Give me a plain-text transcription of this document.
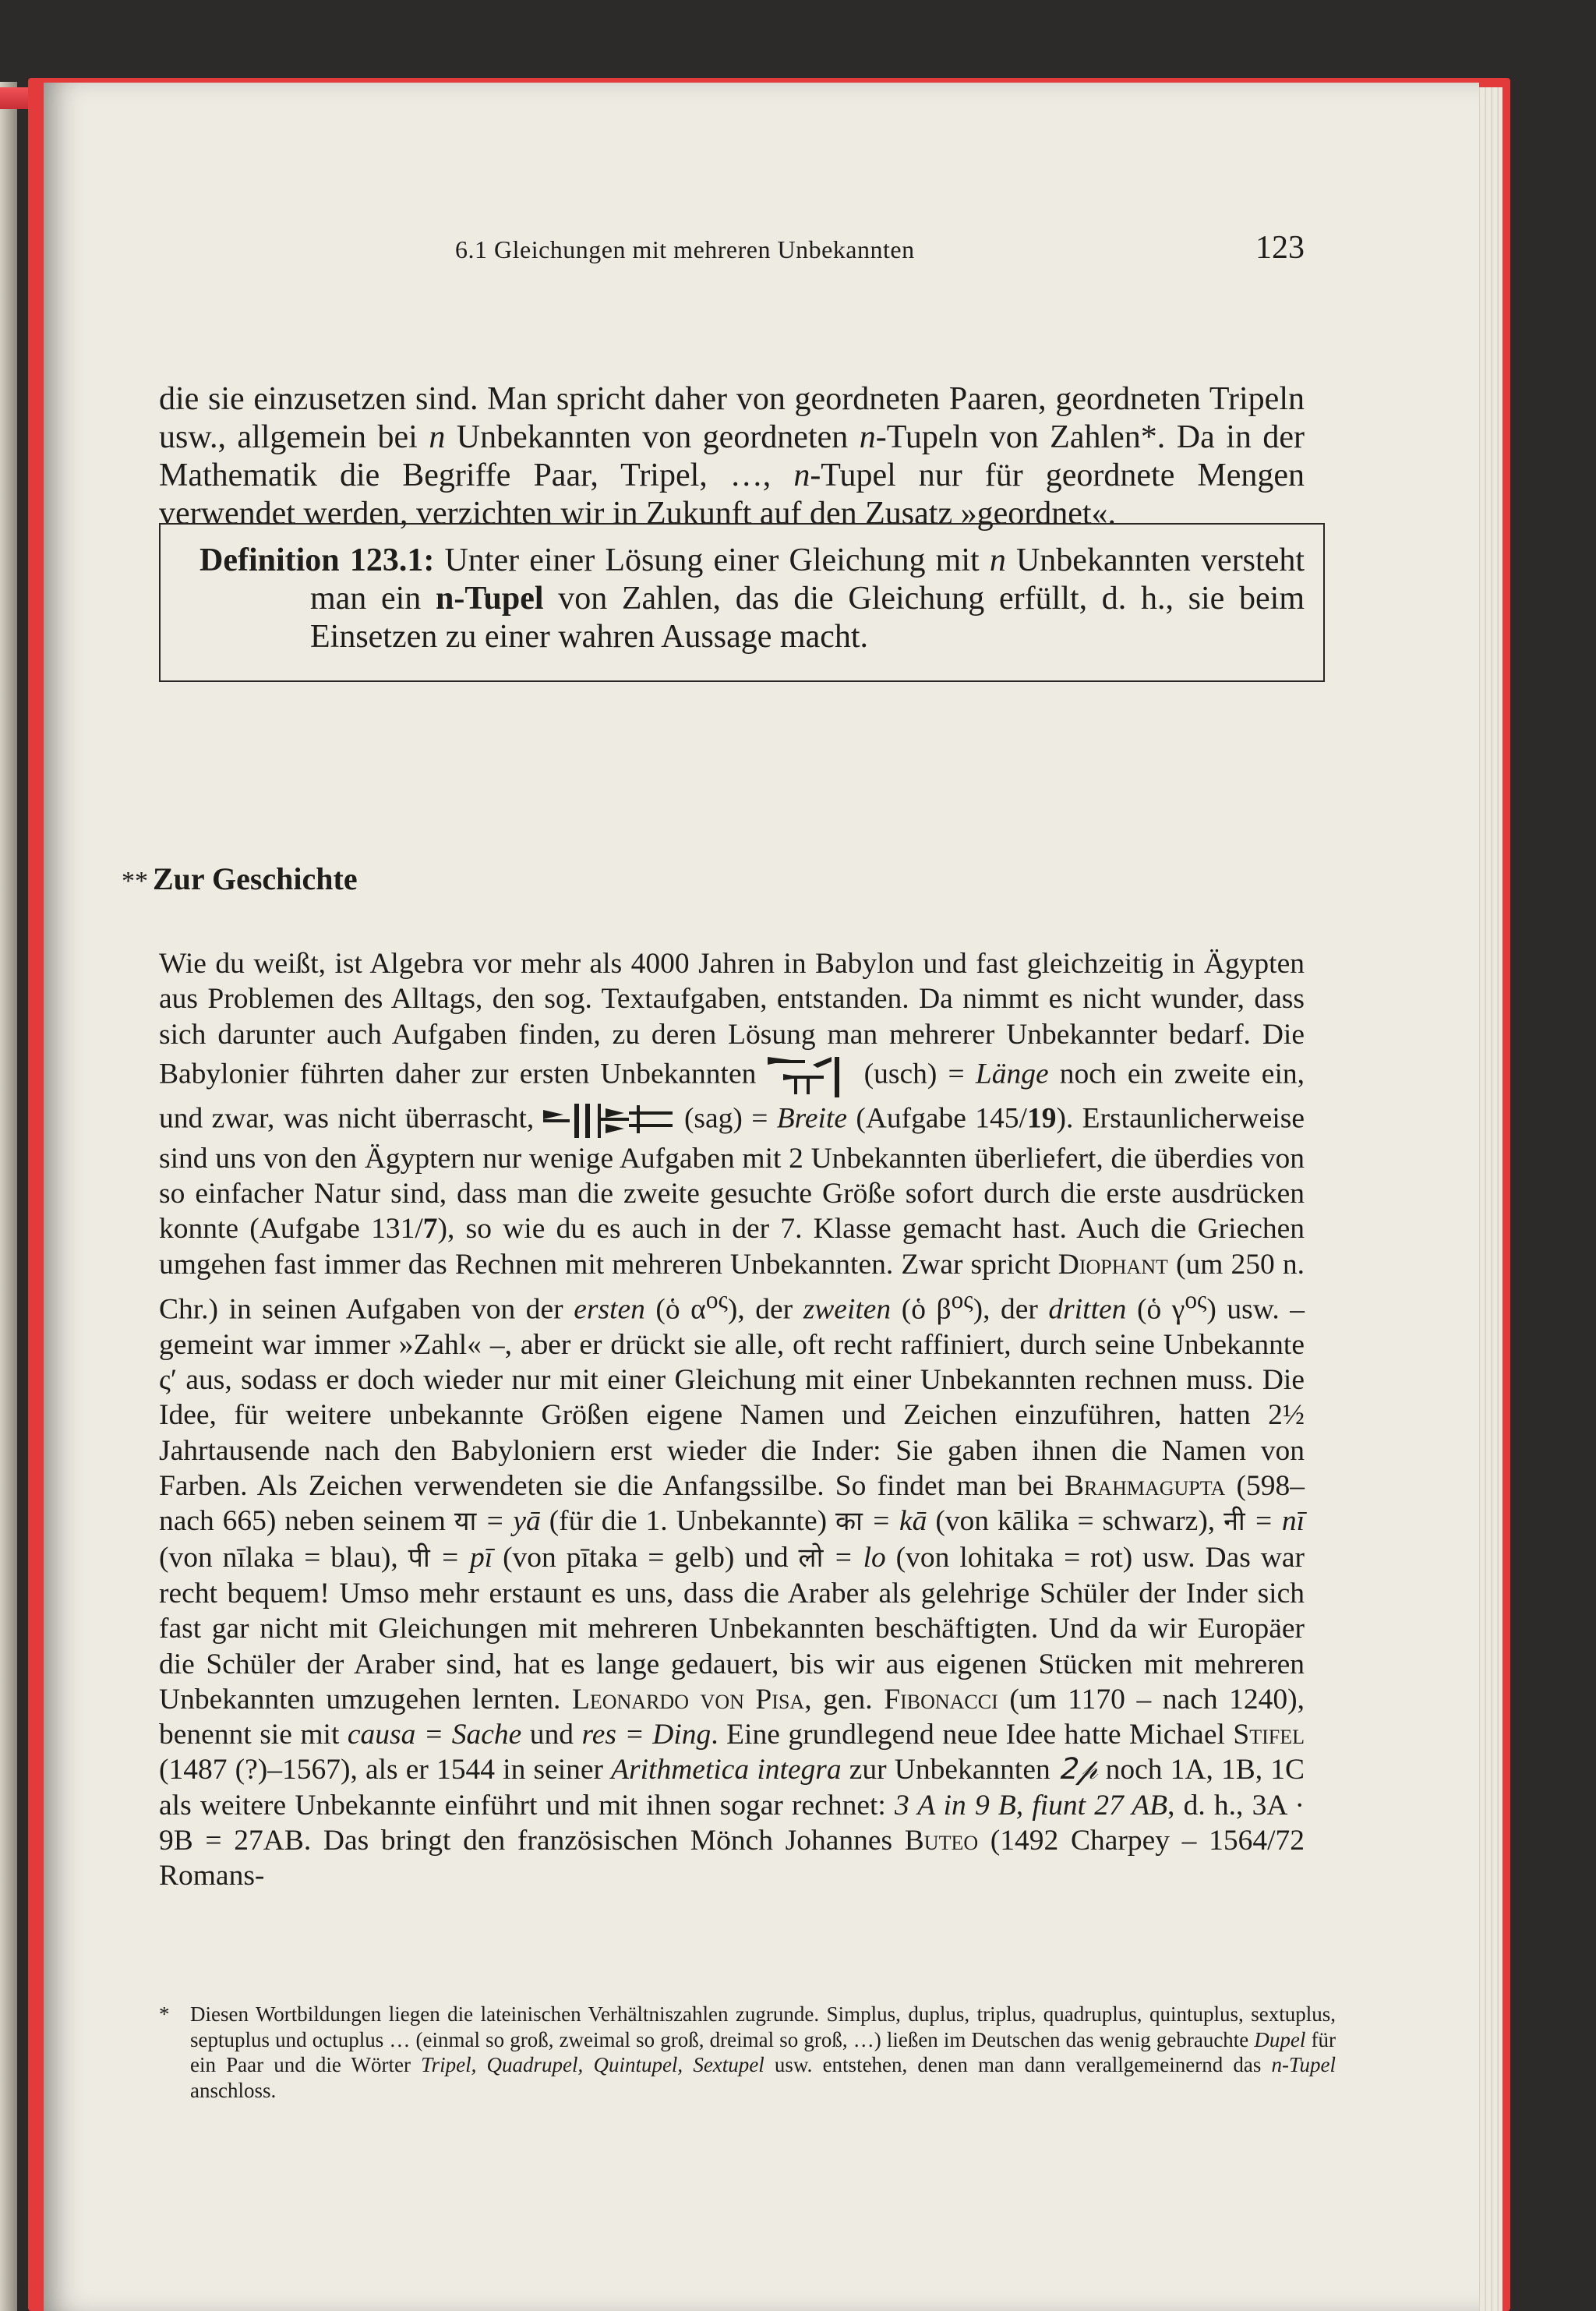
6.1 Gleichungen mit mehreren Unbekannten	123

die sie einzusetzen sind. Man spricht daher von geordneten Paaren, geordneten Tripeln usw., allgemein bei n Unbekannten von geordneten n-Tupeln von Zahlen*. Da in der Mathematik die Begriffe Paar, Tripel, …, n-Tupel nur für geordnete Mengen verwendet werden, verzichten wir in Zukunft auf den Zusatz »geordnet«.

Definition 123.1: Unter einer Lösung einer Gleichung mit n Unbekannten versteht man ein n-Tupel von Zahlen, das die Gleichung erfüllt, d. h., sie beim Einsetzen zu einer wahren Aussage macht.

** Zur Geschichte

Wie du weißt, ist Algebra vor mehr als 4000 Jahren in Babylon und fast gleichzeitig in Ägypten aus Problemen des Alltags, den sog. Textaufgaben, entstanden. Da nimmt es nicht wunder, dass sich darunter auch Aufgaben finden, zu deren Lösung man mehrerer Unbekannter bedarf. Die Babylonier führten daher zur ersten Unbekannten	(usch) = Länge noch ein zweite ein, und zwar, was nicht überrascht,	(sag) = Breite (Aufgabe 145/19). Erstaunlicherweise sind uns von den Ägyptern nur wenige Aufgaben mit 2 Unbekannten überliefert, die überdies von so einfacher Natur sind, dass man die zweite gesuchte Größe sofort durch die erste ausdrücken konnte (Aufgabe 131/7), so wie du es auch in der 7. Klasse gemacht hast. Auch die Griechen umgehen fast immer das Rechnen mit mehreren Unbekannten. Zwar spricht Diophant (um 250 n. Chr.) in seinen Aufgaben von der ersten (ὁ $\alpha^{o\varsigma}$), der zweiten (ὁ $\beta^{o\varsigma}$), der dritten (ὁ $\gamma^{o\varsigma}$) usw. – gemeint war immer »Zahl« –, aber er drückt sie alle, oft recht raffiniert, durch seine Unbekannte ς′ aus, sodass er doch wieder nur mit einer Gleichung mit einer Unbekannten rechnen muss. Die Idee, für weitere unbekannte Größen eigene Namen und Zeichen einzuführen, hatten 2½ Jahrtausende nach den Babyloniern erst wieder die Inder: Sie gaben ihnen die Namen von Farben. Als Zeichen verwendeten sie die Anfangssilbe. So findet man bei Brahmagupta (598– nach 665) neben seinem या = yā (für die 1. Unbekannte) का = kā (von kālika = schwarz), नी = nī (von nīlaka = blau), पी = pī (von pītaka = gelb) und लो = lo (von lohitaka = rot) usw. Das war recht bequem! Umso mehr erstaunt es uns, dass die Araber als gelehrige Schüler der Inder sich fast gar nicht mit Gleichungen mit mehreren Unbekannten beschäftigten. Und da wir Europäer die Schüler der Araber sind, hat es lange gedauert, bis wir aus eigenen Stücken mit mehreren Unbekannten umzugehen lernten. Leonardo von Pisa, gen. Fibonacci (um 1170 – nach 1240), benennt sie mit causa = Sache und res = Ding. Eine grundlegend neue Idee hatte Michael Stifel (1487 (?)–1567), als er 1544 in seiner Arithmetica integra zur Unbekannten 𝟤𝓅 noch 1A, 1B, 1C als weitere Unbekannte einführt und mit ihnen sogar rechnet: 3 A in 9 B, fiunt 27 AB, d. h., 3A · 9B = 27AB. Das bringt den französischen Mönch Johannes Buteo (1492 Charpey – 1564/72 Romans-

* Diesen Wortbildungen liegen die lateinischen Verhältniszahlen zugrunde. Simplus, duplus, triplus, quadruplus, quintuplus, sextuplus, septuplus und octuplus … (einmal so groß, zweimal so groß, dreimal so groß, …) ließen im Deutschen das wenig gebrauchte Dupel für ein Paar und die Wörter Tripel, Quadrupel, Quintupel, Sextupel usw. entstehen, denen man dann verallgemeinernd das n-Tupel anschloss.
